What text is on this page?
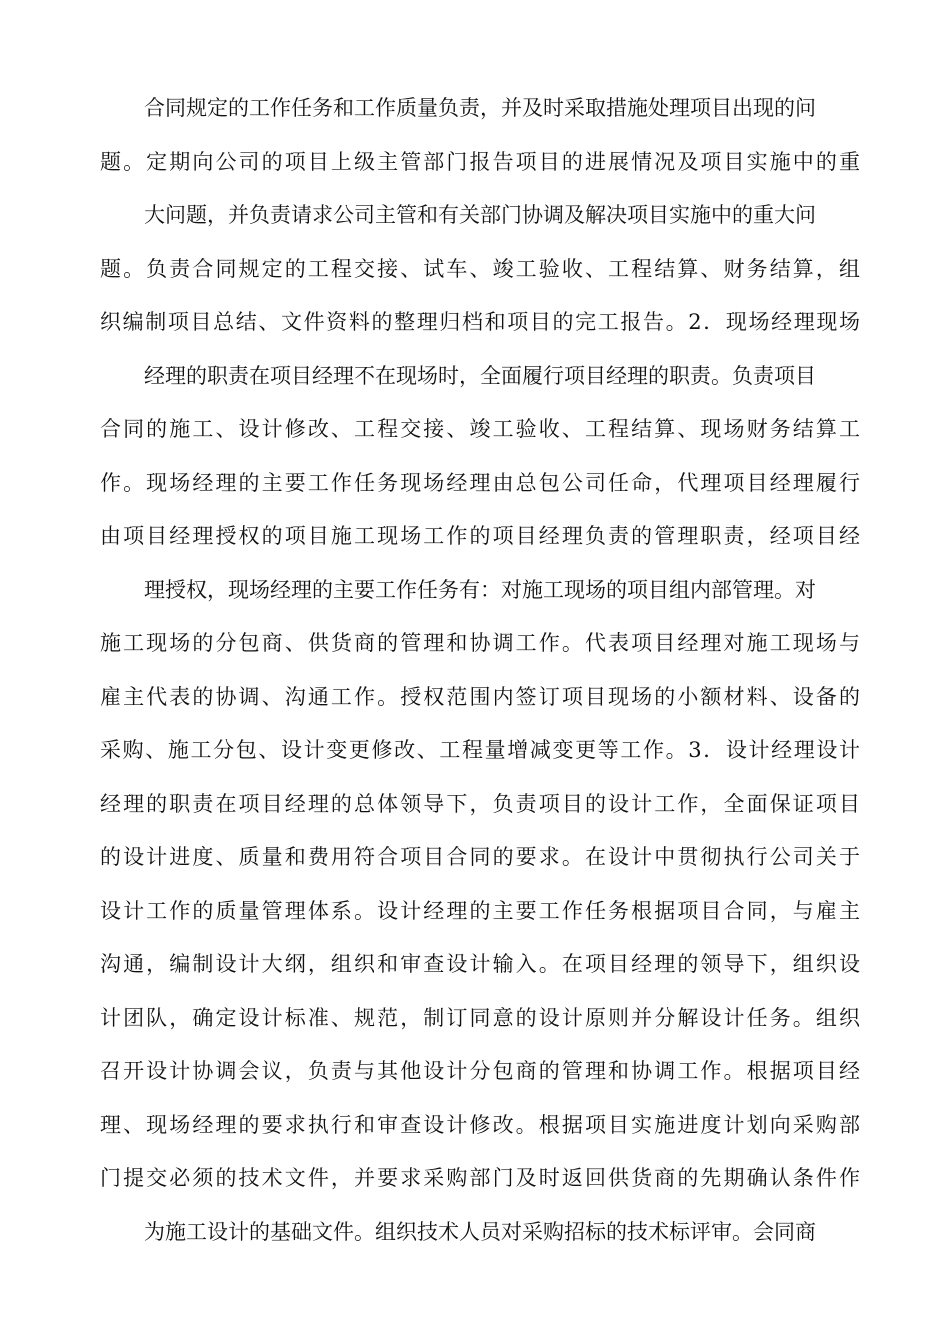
合同规定的工作任务和工作质量负责，并及时采取措施处理项目出现的问
题。定期向公司的项目上级主管部门报告项目的进展情况及项目实施中的重
大问题，并负责请求公司主管和有关部门协调及解决项目实施中的重大问
题。负责合同规定的工程交接、试车、竣工验收、工程结算、财务结算，组
织编制项目总结、文件资料的整理归档和项目的完工报告。2．现场经理现场
经理的职责在项目经理不在现场时，全面履行项目经理的职责。负责项目
合同的施工、设计修改、工程交接、竣工验收、工程结算、现场财务结算工
作。现场经理的主要工作任务现场经理由总包公司任命，代理项目经理履行
由项目经理授权的项目施工现场工作的项目经理负责的管理职责，经项目经
理授权，现场经理的主要工作任务有：对施工现场的项目组内部管理。对
施工现场的分包商、供货商的管理和协调工作。代表项目经理对施工现场与
雇主代表的协调、沟通工作。授权范围内签订项目现场的小额材料、设备的
采购、施工分包、设计变更修改、工程量增减变更等工作。3．设计经理设计
经理的职责在项目经理的总体领导下，负责项目的设计工作，全面保证项目
的设计进度、质量和费用符合项目合同的要求。在设计中贯彻执行公司关于
设计工作的质量管理体系。设计经理的主要工作任务根据项目合同，与雇主
沟通，编制设计大纲，组织和审查设计输入。在项目经理的领导下，组织设
计团队，确定设计标准、规范，制订同意的设计原则并分解设计任务。组织
召开设计协调会议，负责与其他设计分包商的管理和协调工作。根据项目经
理、现场经理的要求执行和审查设计修改。根据项目实施进度计划向采购部
门提交必须的技术文件，并要求采购部门及时返回供货商的先期确认条件作
为施工设计的基础文件。组织技术人员对采购招标的技术标评审。会同商
